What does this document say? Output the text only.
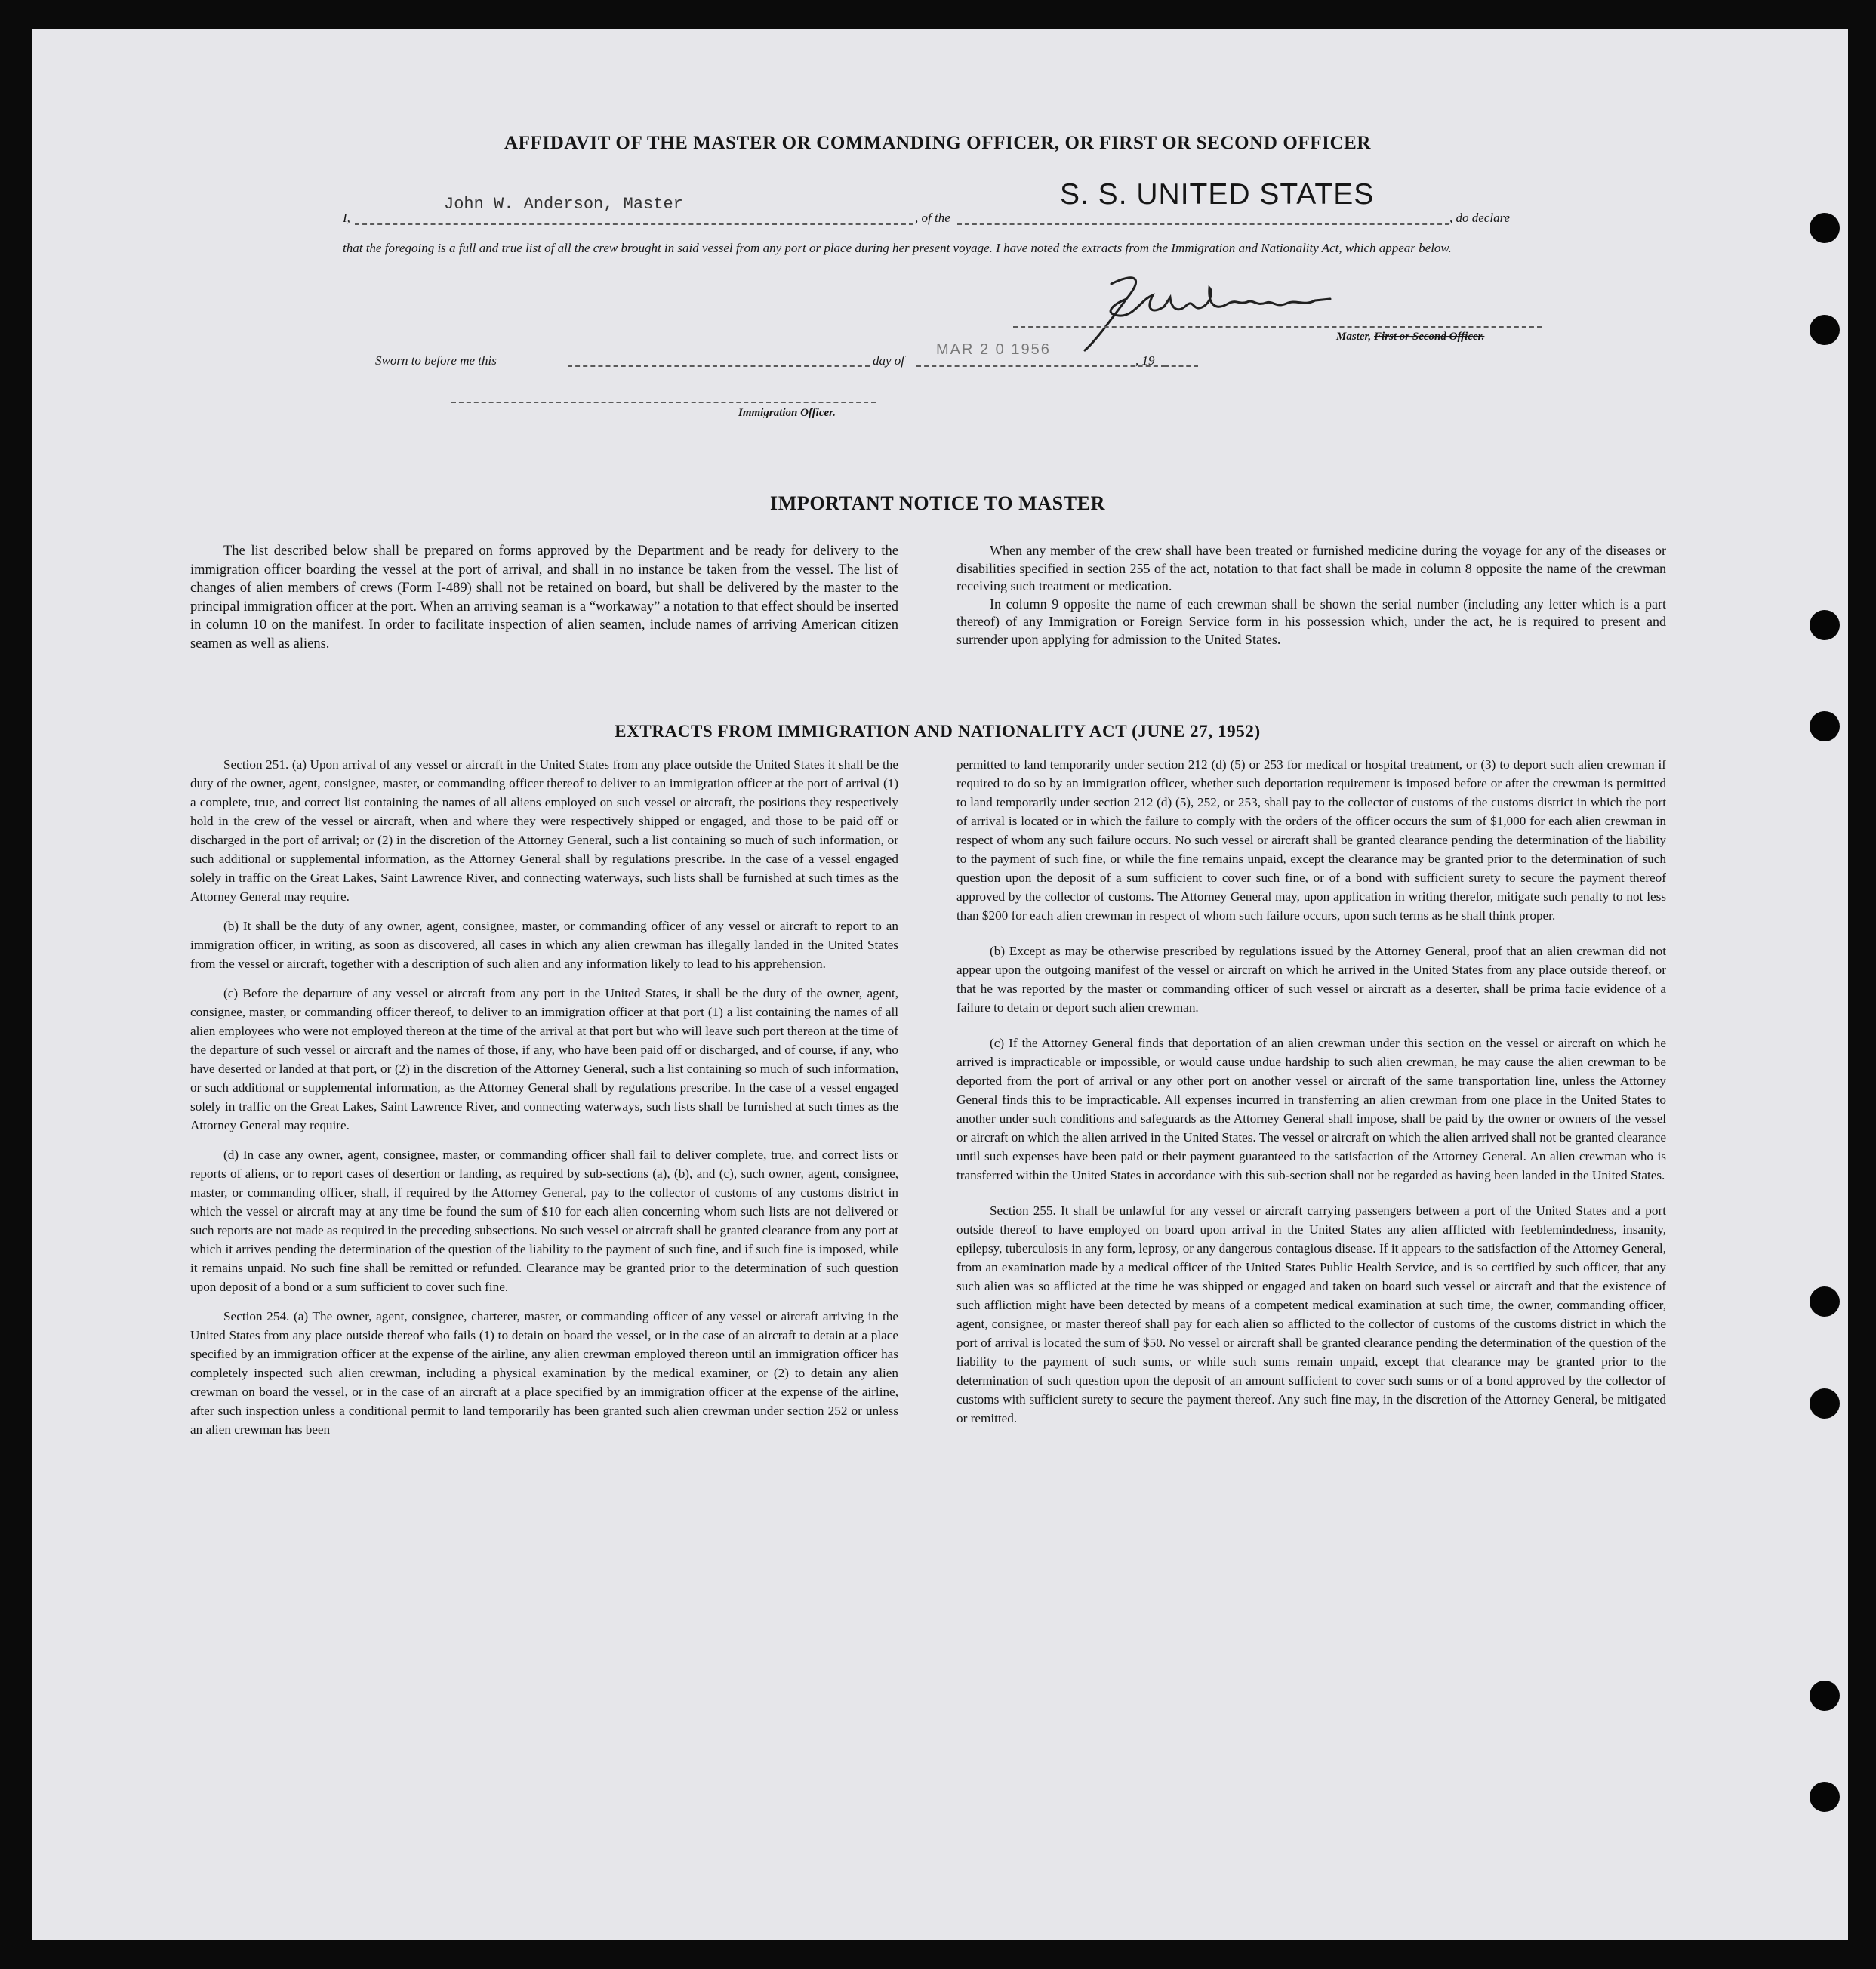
AFFIDAVIT OF THE MASTER OR COMMANDING OFFICER, OR FIRST OR SECOND OFFICER
I,
John W. Anderson, Master
, of the
S. S. UNITED STATES
, do declare
that the foregoing is a full and true list of all the crew brought in said vessel from any port or place during her present voyage. I have noted the extracts from the Immigration and Nationality Act, which appear below.
Master, First or Second Officer.
Sworn to before me this	day of
MAR 2 0 1956
, 19
Immigration Officer.
IMPORTANT NOTICE TO MASTER

The list described below shall be prepared on forms approved by the Department and be ready for delivery to the immigration officer boarding the vessel at the port of arrival, and shall in no instance be taken from the vessel. The list of changes of alien members of crews (Form I-489) shall not be retained on board, but shall be delivered by the master to the principal immigration officer at the port. When an arriving seaman is a “workaway” a notation to that effect should be inserted in column 10 on the manifest. In order to facilitate inspection of alien seamen, include names of arriving American citizen seamen as well as aliens.

When any member of the crew shall have been treated or furnished medicine during the voyage for any of the diseases or disabilities specified in section 255 of the act, notation to that fact shall be made in column 8 opposite the name of the crewman receiving such treatment or medication.

In column 9 opposite the name of each crewman shall be shown the serial number (including any letter which is a part thereof) of any Immigration or Foreign Service form in his possession which, under the act, he is required to present and surrender upon applying for admission to the United States.

EXTRACTS FROM IMMIGRATION AND NATIONALITY ACT (JUNE 27, 1952)

Section 251. (a) Upon arrival of any vessel or aircraft in the United States from any place outside the United States it shall be the duty of the owner, agent, consignee, master, or commanding officer thereof to deliver to an immigration officer at the port of arrival (1) a complete, true, and correct list containing the names of all aliens employed on such vessel or aircraft, the positions they respectively hold in the crew of the vessel or aircraft, when and where they were respectively shipped or engaged, and those to be paid off or discharged in the port of arrival; or (2) in the discretion of the Attorney General, such a list containing so much of such information, or such additional or supplemental information, as the Attorney General shall by regulations prescribe. In the case of a vessel engaged solely in traffic on the Great Lakes, Saint Lawrence River, and connecting waterways, such lists shall be furnished at such times as the Attorney General may require.

(b) It shall be the duty of any owner, agent, consignee, master, or commanding officer of any vessel or aircraft to report to an immigration officer, in writing, as soon as discovered, all cases in which any alien crewman has illegally landed in the United States from the vessel or aircraft, together with a description of such alien and any information likely to lead to his apprehension.

(c) Before the departure of any vessel or aircraft from any port in the United States, it shall be the duty of the owner, agent, consignee, master, or commanding officer thereof, to deliver to an immigration officer at that port (1) a list containing the names of all alien employees who were not employed thereon at the time of the arrival at that port but who will leave such port thereon at the time of the departure of such vessel or aircraft and the names of those, if any, who have been paid off or discharged, and of course, if any, who have deserted or landed at that port, or (2) in the discretion of the Attorney General, such a list containing so much of such information, or such additional or supplemental information, as the Attorney General shall by regulations prescribe. In the case of a vessel engaged solely in traffic on the Great Lakes, Saint Lawrence River, and connecting waterways, such lists shall be furnished at such times as the Attorney General may require.

(d) In case any owner, agent, consignee, master, or commanding officer shall fail to deliver complete, true, and correct lists or reports of aliens, or to report cases of desertion or landing, as required by sub-sections (a), (b), and (c), such owner, agent, consignee, master, or commanding officer, shall, if required by the Attorney General, pay to the collector of customs of any customs district in which the vessel or aircraft may at any time be found the sum of $10 for each alien concerning whom such lists are not delivered or such reports are not made as required in the preceding subsections. No such vessel or aircraft shall be granted clearance from any port at which it arrives pending the determination of the question of the liability to the payment of such fine, and if such fine is imposed, while it remains unpaid. No such fine shall be remitted or refunded. Clearance may be granted prior to the determination of such question upon deposit of a bond or a sum sufficient to cover such fine.

Section 254. (a) The owner, agent, consignee, charterer, master, or commanding officer of any vessel or aircraft arriving in the United States from any place outside thereof who fails (1) to detain on board the vessel, or in the case of an aircraft to detain at a place specified by an immigration officer at the expense of the airline, any alien crewman employed thereon until an immigration officer has completely inspected such alien crewman, including a physical examination by the medical examiner, or (2) to detain any alien crewman on board the vessel, or in the case of an aircraft at a place specified by an immigration officer at the expense of the airline, after such inspection unless a conditional permit to land temporarily has been granted such alien crewman under section 252 or unless an alien crewman has been

permitted to land temporarily under section 212 (d) (5) or 253 for medical or hospital treatment, or (3) to deport such alien crewman if required to do so by an immigration officer, whether such deportation requirement is imposed before or after the crewman is permitted to land temporarily under section 212 (d) (5), 252, or 253, shall pay to the collector of customs of the customs district in which the port of arrival is located or in which the failure to comply with the orders of the officer occurs the sum of $1,000 for each alien crewman in respect of whom any such failure occurs. No such vessel or aircraft shall be granted clearance pending the determination of the liability to the payment of such fine, or while the fine remains unpaid, except the clearance may be granted prior to the determination of such question upon the deposit of a sum sufficient to cover such fine, or of a bond with sufficient surety to secure the payment thereof approved by the collector of customs. The Attorney General may, upon application in writing therefor, mitigate such penalty to not less than $200 for each alien crewman in respect of whom such failure occurs, upon such terms as he shall think proper.

(b) Except as may be otherwise prescribed by regulations issued by the Attorney General, proof that an alien crewman did not appear upon the outgoing manifest of the vessel or aircraft on which he arrived in the United States from any place outside thereof, or that he was reported by the master or commanding officer of such vessel or aircraft as a deserter, shall be prima facie evidence of a failure to detain or deport such alien crewman.

(c) If the Attorney General finds that deportation of an alien crewman under this section on the vessel or aircraft on which he arrived is impracticable or impossible, or would cause undue hardship to such alien crewman, he may cause the alien crewman to be deported from the port of arrival or any other port on another vessel or aircraft of the same transportation line, unless the Attorney General finds this to be impracticable. All expenses incurred in transferring an alien crewman from one place in the United States to another under such conditions and safeguards as the Attorney General shall impose, shall be paid by the owner or owners of the vessel or aircraft on which the alien arrived in the United States. The vessel or aircraft on which the alien arrived shall not be granted clearance until such expenses have been paid or their payment guaranteed to the satisfaction of the Attorney General. An alien crewman who is transferred within the United States in accordance with this sub-section shall not be regarded as having been landed in the United States.

Section 255. It shall be unlawful for any vessel or aircraft carrying passengers between a port of the United States and a port outside thereof to have employed on board upon arrival in the United States any alien afflicted with feeblemindedness, insanity, epilepsy, tuberculosis in any form, leprosy, or any dangerous contagious disease. If it appears to the satisfaction of the Attorney General, from an examination made by a medical officer of the United States Public Health Service, and is so certified by such officer, that any such alien was so afflicted at the time he was shipped or engaged and taken on board such vessel or aircraft and that the existence of such affliction might have been detected by means of a competent medical examination at such time, the owner, commanding officer, agent, consignee, or master thereof shall pay for each alien so afflicted to the collector of customs of the customs district in which the port of arrival is located the sum of $50. No vessel or aircraft shall be granted clearance pending the determination of the question of the liability to the payment of such sums, or while such sums remain unpaid, except that clearance may be granted prior to the determination of such question upon the deposit of an amount sufficient to cover such sums or of a bond approved by the collector of customs with sufficient surety to secure the payment thereof. Any such fine may, in the discretion of the Attorney General, be mitigated or remitted.
